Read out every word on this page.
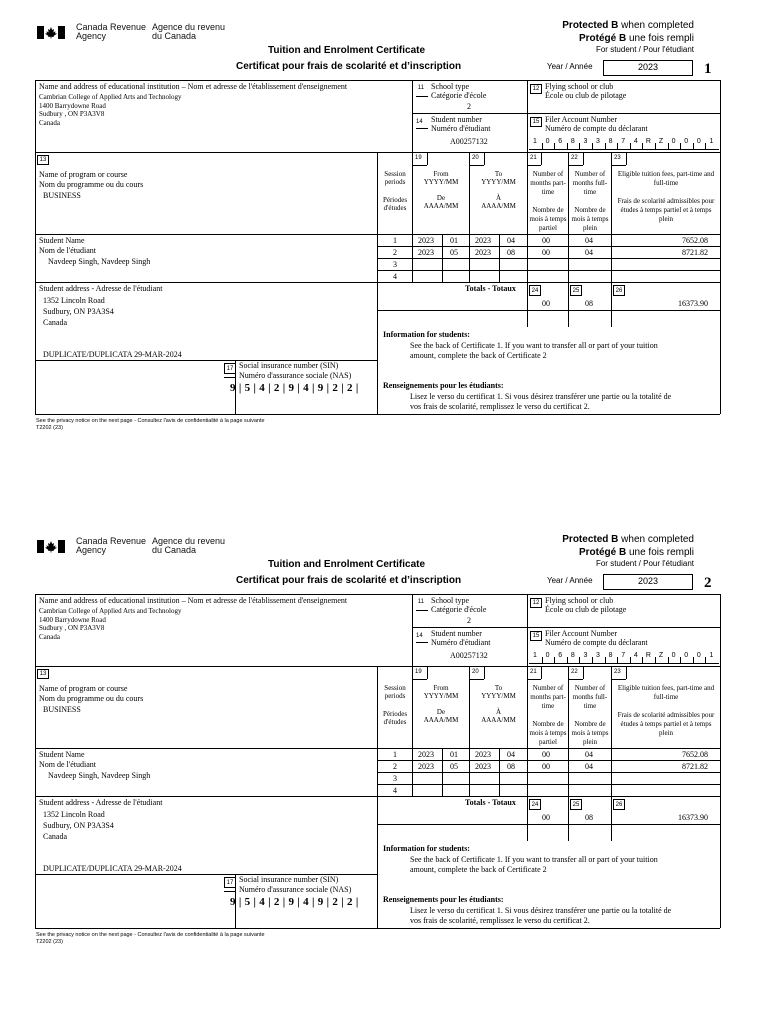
Canada Revenue
Agency
Agence du revenu
du Canada
Tuition and Enrolment Certificate
Certificat pour frais de scolarité et d’inscription
Protected B when completed
Protégé B une fois rempli
For student / Pour l'étudiant
Year / Année	2023	1
Name and address of educational institution – Nom et adresse de l'établissement d'enseignement
Cambrian College of Applied Arts and Technology
1400 Barrydowne Road
Sudbury , ON P3A3V8
Canada
11 School type
Catégorie d'école
2
12 Flying school or club
École ou club de pilotage
14 Student number
Numéro d'étudiant
A00257132
15 Filer Account Number
Numéro de compte du déclarant
1	0	6	8	3	3	8	7	4	R	Z	0	0	0	1
13
Name of program or course
Nom du programme ou du cours
BUSINESS
19	20	21	22	23
Session periods
Périodes d'études
From
YYYY/MM
De
AAAA/MM
To
YYYY/MM
À
AAAA/MM
Number of months part-time
Nombre de mois à temps partiel
Number of months full-time
Nombre de mois à temps plein
Eligible tuition fees, part-time and full-time
Frais de scolarité admissibles pour études à temps partiel et à temps plein
Student Name
Nom de l'étudiant
Navdeep Singh, Navdeep Singh
1	2023 01 2023 04	00	04	7652.08
2	2023 05 2023 08	00	04	8721.82
3
4
Student address - Adresse de l'étudiant
1352 Lincoln Road
Sudbury, ON P3A3S4
Canada
Totals - Totaux	24	25	26
00	08	16373.90
Information for students:
See the back of Certificate 1. If you want to transfer all or part of your tuition
amount, complete the back of Certificate 2
Renseignements pour les étudiants:
Lisez le verso du certificat 1. Si vous désirez transférer une partie ou la totalité de
vos frais de scolarité, remplissez le verso du certificat 2.
DUPLICATE/DUPLICATA 29-MAR-2024
17 Social insurance number (SIN)
Numéro d'assurance sociale (NAS)
9 | 5 | 4 | 2 | 9 | 4 | 9 | 2 | 2 |
See the privacy notice on the next page - Consultez l'avis de confidentialité à la page suivante
T2202 (23)
Canada Revenue
Agency
Agence du revenu
du Canada
Tuition and Enrolment Certificate
Certificat pour frais de scolarité et d’inscription
Protected B when completed
Protégé B une fois rempli
For student / Pour l'étudiant
Year / Année	2023	2
Name and address of educational institution – Nom et adresse de l'établissement d'enseignement
Cambrian College of Applied Arts and Technology
1400 Barrydowne Road
Sudbury , ON P3A3V8
Canada
11 School type
Catégorie d'école
2
12 Flying school or club
École ou club de pilotage
14 Student number
Numéro d'étudiant
A00257132
15 Filer Account Number
Numéro de compte du déclarant
1	0	6	8	3	3	8	7	4	R	Z	0	0	0	1
13
Name of program or course
Nom du programme ou du cours
BUSINESS
19	20	21	22	23
Session periods
Périodes d'études
From
YYYY/MM
De
AAAA/MM
To
YYYY/MM
À
AAAA/MM
Number of months part-time
Nombre de mois à temps partiel
Number of months full-time
Nombre de mois à temps plein
Eligible tuition fees, part-time and full-time
Frais de scolarité admissibles pour études à temps partiel et à temps plein
Student Name
Nom de l'étudiant
Navdeep Singh, Navdeep Singh
1	2023 01 2023 04	00	04	7652.08
2	2023 05 2023 08	00	04	8721.82
3
4
Student address - Adresse de l'étudiant
1352 Lincoln Road
Sudbury, ON P3A3S4
Canada
Totals - Totaux	24	25	26
00	08	16373.90
Information for students:
See the back of Certificate 1. If you want to transfer all or part of your tuition
amount, complete the back of Certificate 2
Renseignements pour les étudiants:
Lisez le verso du certificat 1. Si vous désirez transférer une partie ou la totalité de
vos frais de scolarité, remplissez le verso du certificat 2.
DUPLICATE/DUPLICATA 29-MAR-2024
17 Social insurance number (SIN)
Numéro d'assurance sociale (NAS)
9 | 5 | 4 | 2 | 9 | 4 | 9 | 2 | 2 |
See the privacy notice on the next page - Consultez l'avis de confidentialité à la page suivante
T2202 (23)
